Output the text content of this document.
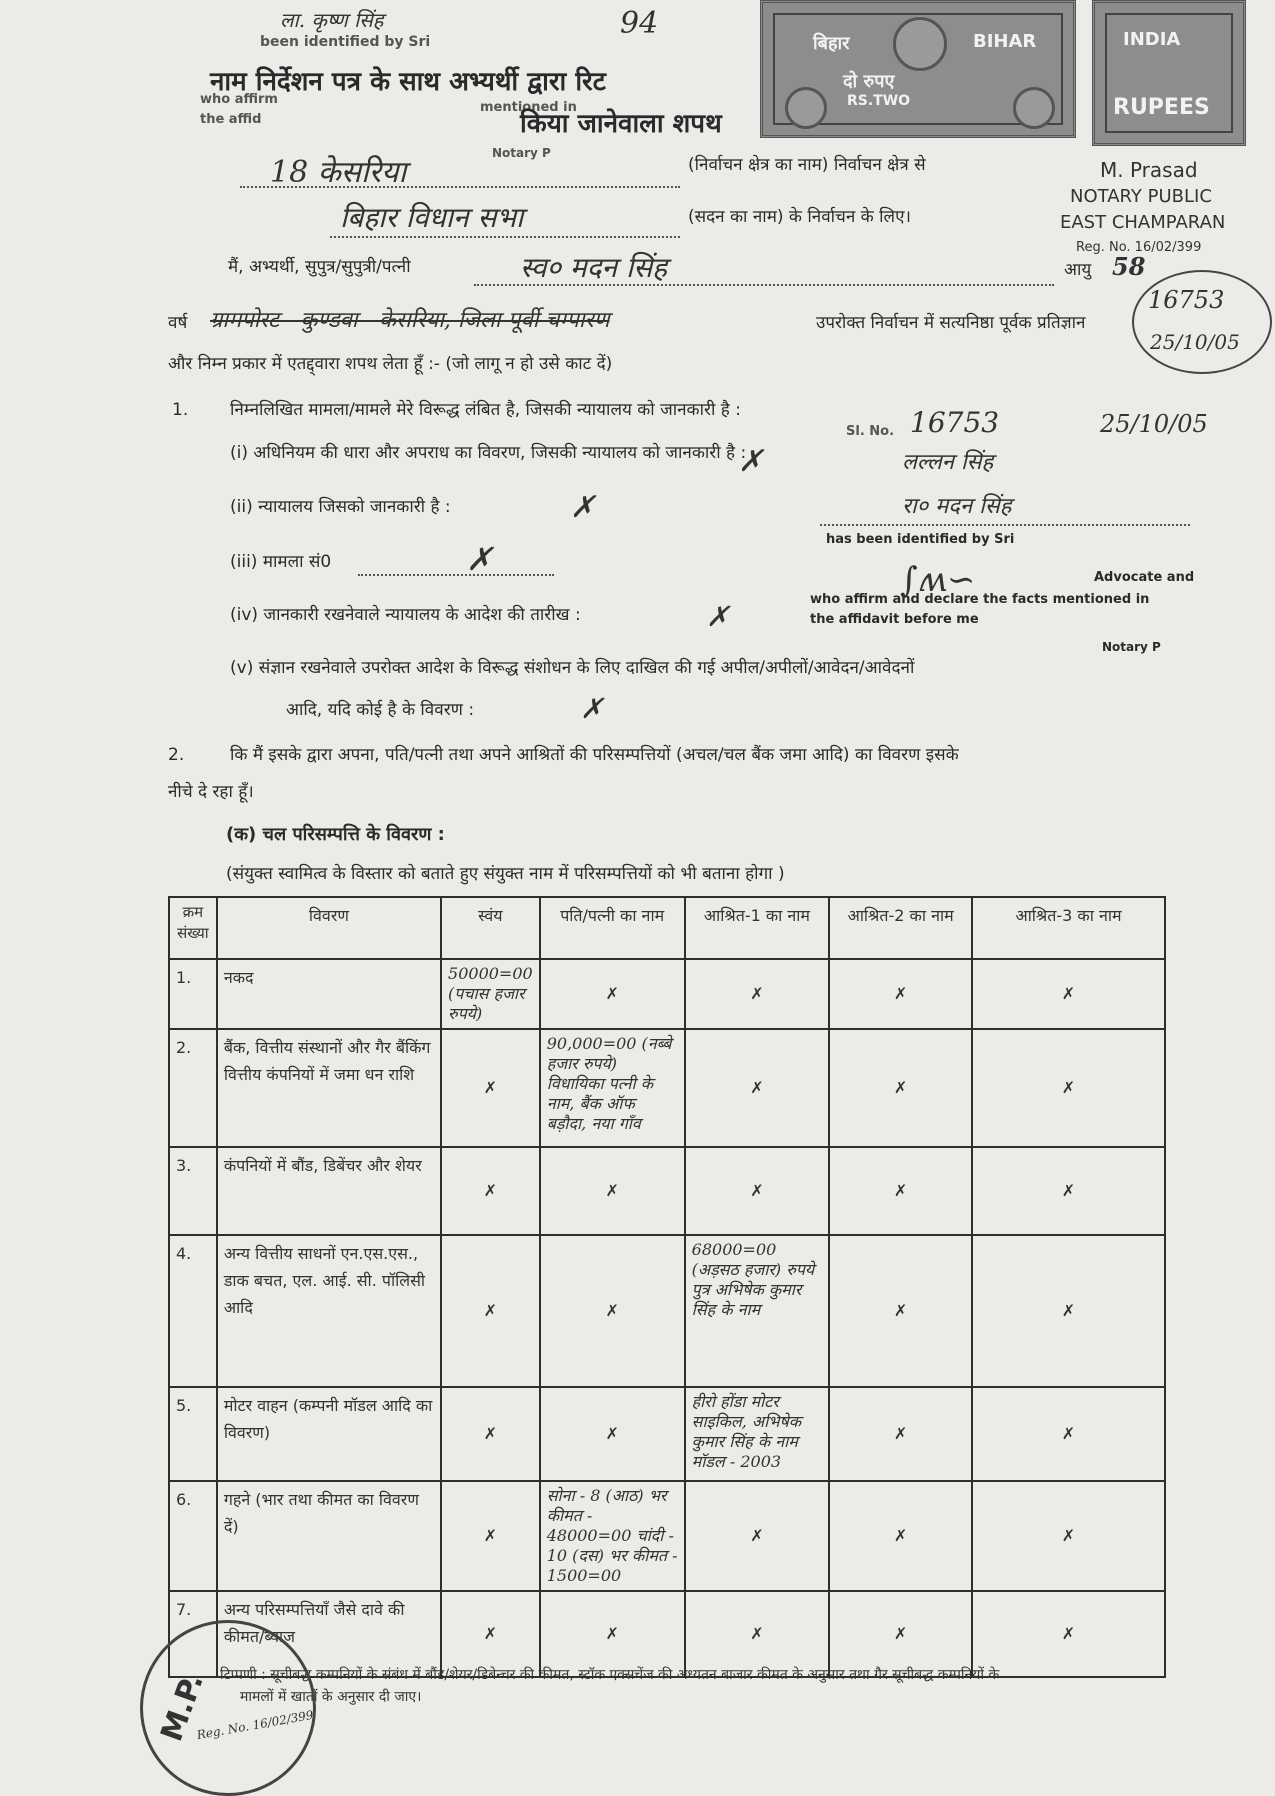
बिहार	BIHAR
दो रुपए
RS.TWO
INDIA
RUPEES
M. Prasad
NOTARY PUBLIC
EAST CHAMPARAN
Reg. No. 16/02/399
ला. कृष्ण सिंह	94
been identified by Sri
mentioned in
who affirm
the affid
Notary P
नाम निर्देशन पत्र के साथ अभ्यर्थी द्वारा रिट
किया जानेवाला शपथ
18 केसरिया	(निर्वाचन क्षेत्र का नाम) निर्वाचन क्षेत्र से
बिहार विधान सभा	(सदन का नाम) के निर्वाचन के लिए।
मैं, अभ्यर्थी, सुपुत्र/सुपुत्री/पत्नी	स्व० मदन सिंह	आयु 58
वर्ष ग्रामपोस्ट - कुण्डवा - केसरिया, जिला-पूर्वी चम्पारण	उपरोक्त निर्वाचन में सत्यनिष्ठा पूर्वक प्रतिज्ञान
और निम्न प्रकार में एतद्द्वारा शपथ लेता हूँ :- (जो लागू न हो उसे काट दें)
16753
25/10/05
1. निम्नलिखित मामला/मामले मेरे विरूद्ध लंबित है, जिसकी न्यायालय को जानकारी है :
(i) अधिनियम की धारा और अपराध का विवरण, जिसकी न्यायालय को जानकारी है :
✗
(ii) न्यायालय जिसको जानकारी है :	✗
(iii) मामला सं0	✗
(iv) जानकारी रखनेवाले न्यायालय के आदेश की तारीख :	✗
(v) संज्ञान रखनेवाले उपरोक्त आदेश के विरूद्ध संशोधन के लिए दाखिल की गई अपील/अपीलों/आवेदन/आवेदनों
आदि, यदि कोई है के विवरण :	✗
Sl. No. 16753	25/10/05
लल्लन सिंह
रा० मदन सिंह
has been identified by Sri
Advocate and
who affirm and declare the facts mentioned in
the affidavit before me
Notary P
∫ʍ∽
2.	कि मैं इसके द्वारा अपना, पति/पत्नी तथा अपने आश्रितों की परिसम्पत्तियों (अचल/चल बैंक जमा आदि) का विवरण इसके
नीचे दे रहा हूँ।
(क) चल परिसम्पत्ति के विवरण :
(संयुक्त स्वामित्व के विस्तार को बताते हुए संयुक्त नाम में परिसम्पत्तियों को भी बताना होगा )
क्रम संख्या	विवरण	स्वंय	पति/पत्नी का नाम	आश्रित-1 का नाम	आश्रित-2 का नाम	आश्रित-3 का नाम
1.	नकद	50000=00 (पचास हजार रुपये)	✗	✗	✗	✗
2.	बैंक, वित्तीय संस्थानों और गैर बैंकिंग वित्तीय कंपनियों में जमा धन राशि	✗	90,000=00 (नब्बे हजार रुपये) विधायिका पत्नी के नाम, बैंक ऑफ बड़ौदा, नया गाँव	✗	✗	✗
3.	कंपनियों में बौंड, डिबेंचर और शेयर	✗	✗	✗	✗	✗
4.	अन्य वित्तीय साधनों एन.एस.एस., डाक बचत, एल. आई. सी. पॉलिसी आदि	✗	✗	68000=00 (अड़सठ हजार) रुपये पुत्र अभिषेक कुमार सिंह के नाम	✗	✗
5.	मोटर वाहन (कम्पनी मॉडल आदि का विवरण)	✗	✗	हीरो होंडा मोटर साइकिल, अभिषेक कुमार सिंह के नाम मॉडल - 2003	✗	✗
6.	गहने (भार तथा कीमत का विवरण दें)	✗	सोना - 8 (आठ) भर कीमत - 48000=00 चांदी - 10 (दस) भर कीमत - 1500=00	✗	✗	✗
7.	अन्य परिसम्पत्तियाँ जैसे दावे की कीमत/ब्याज	✗	✗	✗	✗	✗
टिप्पणी : सूचीबद्ध कम्पनियों के संबंध में बौंड/शेयर/डिबेन्चर की कीमत, स्टॉक एक्सचेंज की अध्यतन बाजार कीमत के अनुसार तथा गैर सूचीबद्ध कम्पनियों के
मामलों में खातों के अनुसार दी जाए।
M.P.
Reg. No. 16/02/399
